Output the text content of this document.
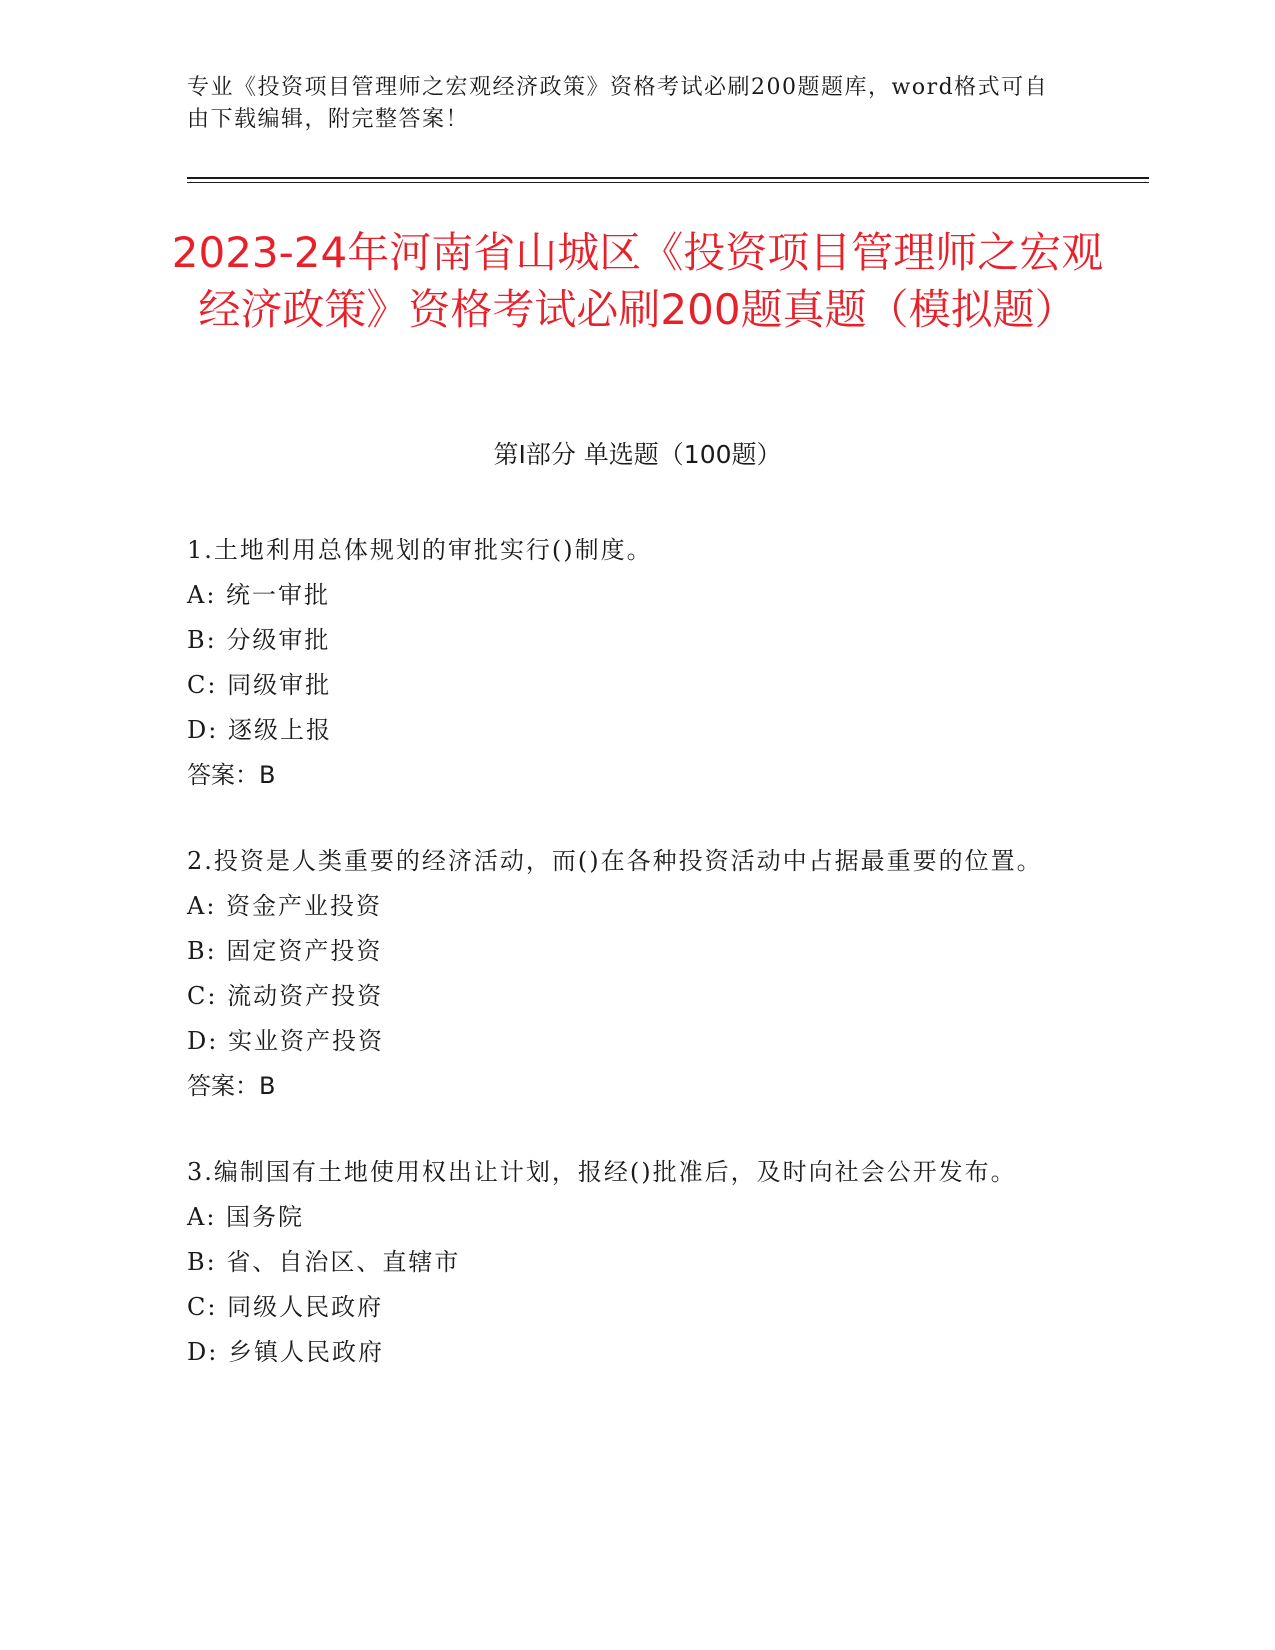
专业《投资项目管理师之宏观经济政策》资格考试必刷200题题库，word格式可自由下载编辑，附完整答案！
2023-24年河南省山城区《投资项目管理师之宏观经济政策》资格考试必刷200题真题（模拟题）
第Ⅰ部分 单选题（100题）
1.土地利用总体规划的审批实行()制度。
A: 统一审批
B: 分级审批
C: 同级审批
D: 逐级上报
答案：B
2.投资是人类重要的经济活动，而()在各种投资活动中占据最重要的位置。
A: 资金产业投资
B: 固定资产投资
C: 流动资产投资
D: 实业资产投资
答案：B
3.编制国有土地使用权出让计划，报经()批准后，及时向社会公开发布。
A: 国务院
B: 省、自治区、直辖市
C: 同级人民政府
D: 乡镇人民政府
